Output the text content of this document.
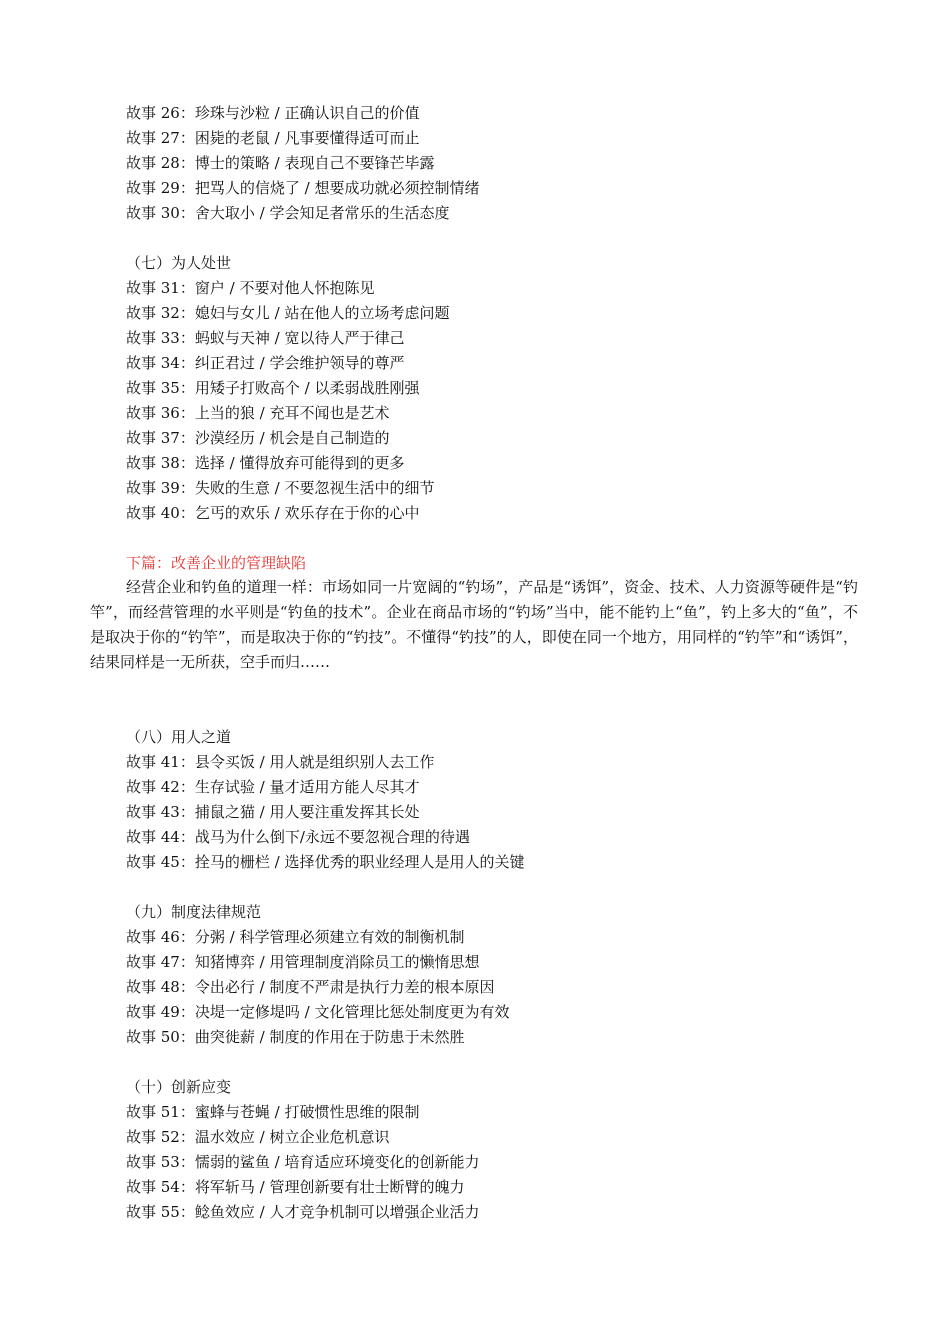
故事 26：珍珠与沙粒 / 正确认识自己的价值
故事 27：困毙的老鼠 / 凡事要懂得适可而止
故事 28：博士的策略 / 表现自己不要锋芒毕露
故事 29：把骂人的信烧了 / 想要成功就必须控制情绪
故事 30：舍大取小 / 学会知足者常乐的生活态度
（七）为人处世
故事 31：窗户 / 不要对他人怀抱陈见
故事 32：媳妇与女儿 / 站在他人的立场考虑问题
故事 33：蚂蚁与天神 / 宽以待人严于律己
故事 34：纠正君过 / 学会维护领导的尊严
故事 35：用矮子打败高个 / 以柔弱战胜刚强
故事 36：上当的狼 / 充耳不闻也是艺术
故事 37：沙漠经历 / 机会是自己制造的
故事 38：选择 / 懂得放弃可能得到的更多
故事 39：失败的生意 / 不要忽视生活中的细节
故事 40：乞丐的欢乐 / 欢乐存在于你的心中
下篇：改善企业的管理缺陷
经营企业和钓鱼的道理一样：市场如同一片宽阔的“钓场”，产品是“诱饵”，资金、技术、人力资源等硬件是“钓竿”，而经营管理的水平则是“钓鱼的技术”。企业在商品市场的“钓场”当中，能不能钓上“鱼”，钓上多大的“鱼”，不是取决于你的“钓竿”，而是取决于你的“钓技”。不懂得“钓技”的人，即使在同一个地方，用同样的“钓竿”和“诱饵”，结果同样是一无所获，空手而归……
（八）用人之道
故事 41：县令买饭 / 用人就是组织别人去工作
故事 42：生存试验 / 量才适用方能人尽其才
故事 43：捕鼠之猫 / 用人要注重发挥其长处
故事 44：战马为什么倒下/永远不要忽视合理的待遇
故事 45：拴马的栅栏 / 选择优秀的职业经理人是用人的关键
（九）制度法律规范
故事 46：分粥 / 科学管理必须建立有效的制衡机制
故事 47：知猪博弈 / 用管理制度消除员工的懒惰思想
故事 48：令出必行 / 制度不严肃是执行力差的根本原因
故事 49：决堤一定修堤吗 / 文化管理比惩处制度更为有效
故事 50：曲突徙薪 / 制度的作用在于防患于未然胜
（十）创新应变
故事 51：蜜蜂与苍蝇 / 打破惯性思维的限制
故事 52：温水效应 / 树立企业危机意识
故事 53：懦弱的鲨鱼 / 培育适应环境变化的创新能力
故事 54：将军斩马 / 管理创新要有壮士断臂的魄力
故事 55：鲶鱼效应 / 人才竞争机制可以增强企业活力
